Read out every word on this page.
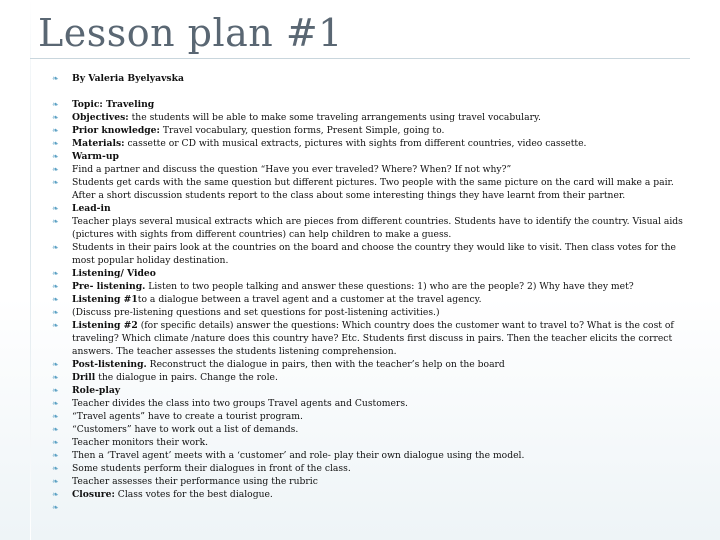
Lesson plan #1
❧	By Valeria Byelyavska
❧	Topic: Traveling
❧	Objectives: the students will be able to make some traveling arrangements using travel vocabulary.
❧	Prior knowledge: Travel vocabulary, question forms, Present Simple, going to.
❧	Materials: cassette or CD with musical extracts, pictures with sights from different countries, video cassette.
❧	Warm-up
❧	Find a partner and discuss the question “Have you ever traveled? Where? When? If not why?”
❧	Students get cards with the same question but different pictures. Two people with the same picture on the card will make a pair. After a short discussion students report to the class about some interesting things they have learnt from their partner.
❧	Lead-in
❧	Teacher plays several musical extracts which are pieces from different countries. Students have to identify the country. Visual aids (pictures with sights from different countries) can help children to make a guess.
❧	Students in their pairs look at the countries on the board and choose the country they would like to visit. Then class votes for the most popular holiday destination.
❧	Listening/ Video
❧	Pre- listening. Listen to two people talking and answer these questions: 1) who are the people? 2) Why have they met?
❧	Listening #1to a dialogue between a travel agent and a customer at the travel agency.
❧	(Discuss pre-listening questions and set questions for post-listening activities.)
❧	Listening #2 (for specific details) answer the questions: Which country does the customer want to travel to? What is the cost of traveling? Which climate /nature does this country have? Etc. Students first discuss in pairs. Then the teacher elicits the correct answers. The teacher assesses the students listening comprehension.
❧	Post-listening. Reconstruct the dialogue in pairs, then with the teacher’s help on the board
❧	Drill the dialogue in pairs. Change the role.
❧	Role-play
❧	Teacher divides the class into two groups Travel agents and Customers.
❧	“Travel agents” have to create a tourist program.
❧	“Customers” have to work out a list of demands.
❧	Teacher monitors their work.
❧	Then a ‘Travel agent’ meets with a ‘customer’ and role- play their own dialogue using the model.
❧	Some students perform their dialogues in front of the class.
❧	Teacher assesses their performance using the rubric
❧	Closure: Class votes for the best dialogue.
❧
